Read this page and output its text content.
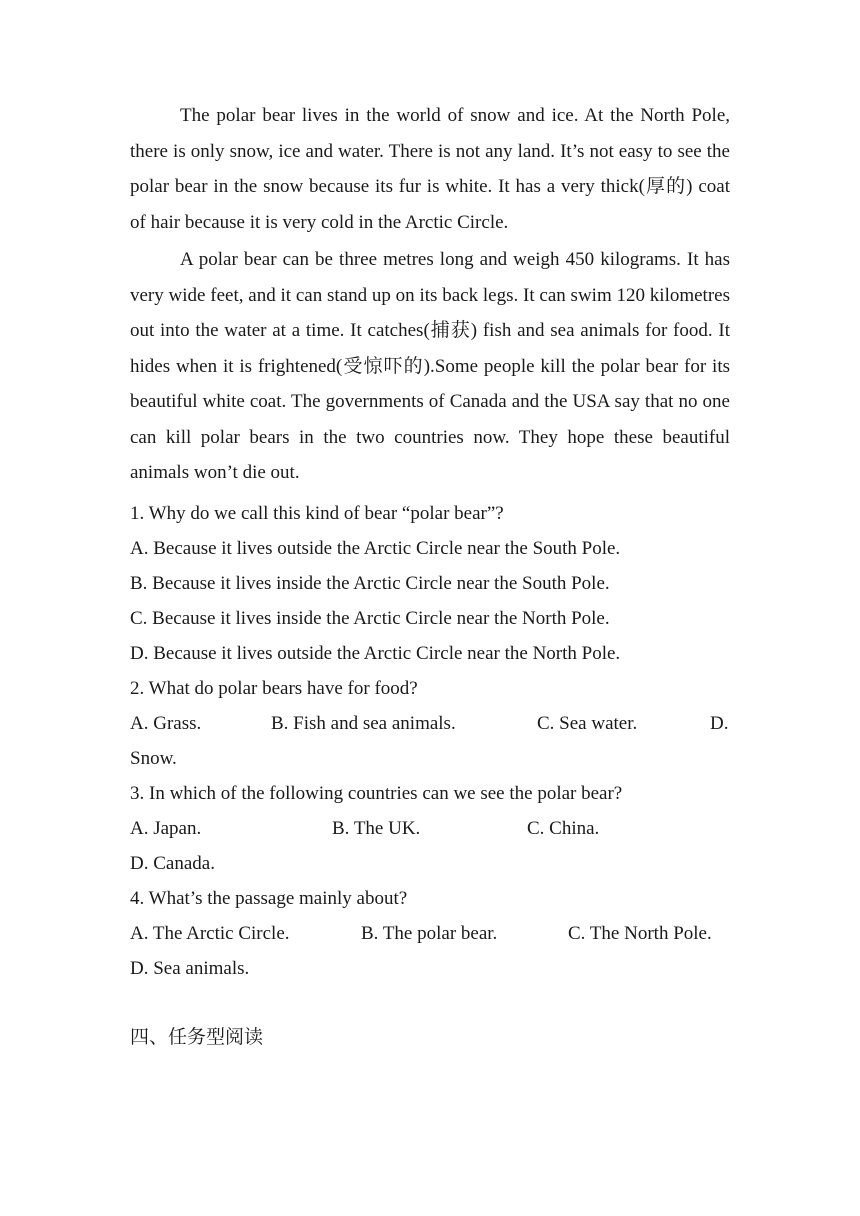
The polar bear lives in the world of snow and ice. At the North Pole, there is only snow, ice and water. There is not any land. It’s not easy to see the polar bear in the snow because its fur is white. It has a very thick(厚的) coat of hair because it is very cold in the Arctic Circle.

A polar bear can be three metres long and weigh 450 kilograms. It has very wide feet, and it can stand up on its back legs. It can swim 120 kilometres out into the water at a time. It catches(捕获) fish and sea animals for food. It hides when it is frightened(受惊吓的).Some people kill the polar bear for its beautiful white coat. The governments of Canada and the USA say that no one can kill polar bears in the two countries now. They hope these beautiful animals won’t die out.

1. Why do we call this kind of bear “polar bear”?
A. Because it lives outside the Arctic Circle near the South Pole.
B. Because it lives inside the Arctic Circle near the South Pole.
C. Because it lives inside the Arctic Circle near the North Pole.
D. Because it lives outside the Arctic Circle near the North Pole.
2. What do polar bears have for food?
A. Grass.	B. Fish and sea animals.	C. Sea water.	D.
Snow.
3. In which of the following countries can we see the polar bear?
A. Japan.	B. The UK.	C. China.
D. Canada.
4. What’s the passage mainly about?
A. The Arctic Circle.	B. The polar bear.	C. The North Pole.
D. Sea animals.
四、任务型阅读
